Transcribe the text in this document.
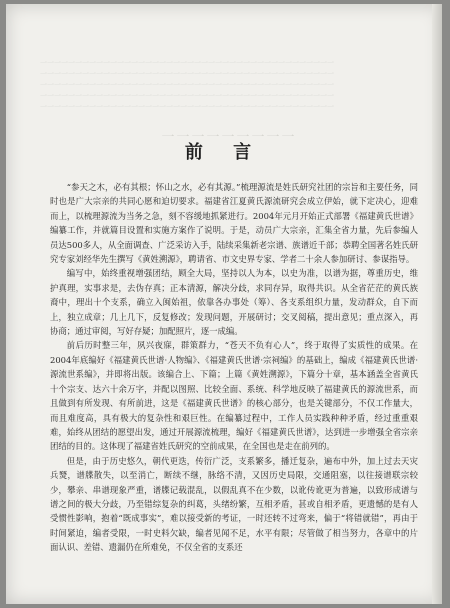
一一一一一一一一一一一一一一一一一一一一一一一一一一一一一一一一一一一一一一一一一一
一一一一一一一一一一一一一一一一一一一一一一一一一一一一一一一一一一一一一一一一一一
一一一一一一一一一一一一一一一一一一一一一一一一一一一一一一一一一一一一一一一一一一
一一一一一一一一一一一一一一一一一一一一一一一一一一一一一一一一一一一一一一一一一一
一一一一一一一一一一一一一一一一一一一一一一一一一一一一一一一一一一一一一一一一一一
一一一一一一一一一
前 言

“参天之木，必有其根；怀山之水，必有其源。”梳理源流是姓氏研究社团的宗旨和主要任务，同时也是广大宗亲的共同心愿和迫切要求。福建省江夏黄氏源流研究会成立伊始，就下定决心，迎难而上，以梳理源流为当务之急，刻不容缓地抓紧进行。2004年元月开始正式部署《福建黄氏世谱》编纂工作，并就篇目设置和实施方案作了说明。于是，动员广大宗亲，汇集全省力量，先后参编人员达500多人，从全面调查、广泛采访入手，陆续采集新老宗谱、族谱近千部；恭聘全国著名姓氏研究专家刘经华先生撰写《黄姓溯源》，聘请省、市文史界专家、学者二十余人参加研讨、参谋指导。

编写中，始终重视增强团结，顾全大局，坚持以人为本，以史为准，以谱为据，尊重历史，维护真理，实事求是，去伪存真；正本清源，解决分歧，求同存异，取得共识。从全省茫茫的黄氏族裔中，理出十个支系，确立入闽始祖，依靠各办事处（筹）、各支系组织力量，发动群众，自下而上，独立成章；几上几下，反复修改；发现问题，开展研讨；交叉阅稿，提出意见；重点深入，再协商；通过审阅，写好存疑；加配照片，逐一成编。

前后历时整三年，夙兴夜寐，群策群力，“苍天不负有心人”，终于取得了实质性的成果。在2004年底编好《福建黄氏世谱·人物编》、《福建黄氏世谱·宗祠编》的基础上，编成《福建黄氏世谱·源流世系编》，并即将出版。该编合上、下篇；上篇《黄姓溯源》，下篇分十章，基本涵盖全省黄氏十个宗支、达六十余万字，并配以图照、比较全面、系统、科学地反映了福建黄氏的源流世系，而且做到有所发现、有所前进，这是《福建黄氏世谱》的核心部分，也是关键部分，不仅工作量大，而且难度高，具有极大的复杂性和艰巨性。在编纂过程中，工作人员实践种种矛盾，经过重重艰难，始终从团结的愿望出发，通过开展源流梳理，编好《福建黄氏世谱》，达到进一步增强全省宗亲团结的目的。这体现了福建省姓氏研究的空前成果，在全国也是走在前列的。

但是，由于历史悠久，朝代更迭，传衍广泛，支系繁多，播迁复杂，遍布中外，加上过去天灾兵燹，谱牒散失，以至消亡，断续不继，脉络不清，又因历史局限，交通阻塞，以往接谱联宗较少，攀亲、串谱现象严重，谱牒记载混乱，以假乱真不在少数，以讹传讹更为普遍，以致形成谱与谱之间的极大分歧，乃至错综复杂的纠葛，头绪纷繁，互相矛盾，甚或自相矛盾，更遗憾的是有人受惯性影响，抱着“既成事实”，难以接受新的考证，一时还转不过弯来，偏于“将错就错”，再由于时间紧迫，编者受限，一时史料欠缺，编者见闻不足，水平有限；尽管做了相当努力，各章中的片面认识、差错、遗漏仍在所难免，不仅全省的支系还
